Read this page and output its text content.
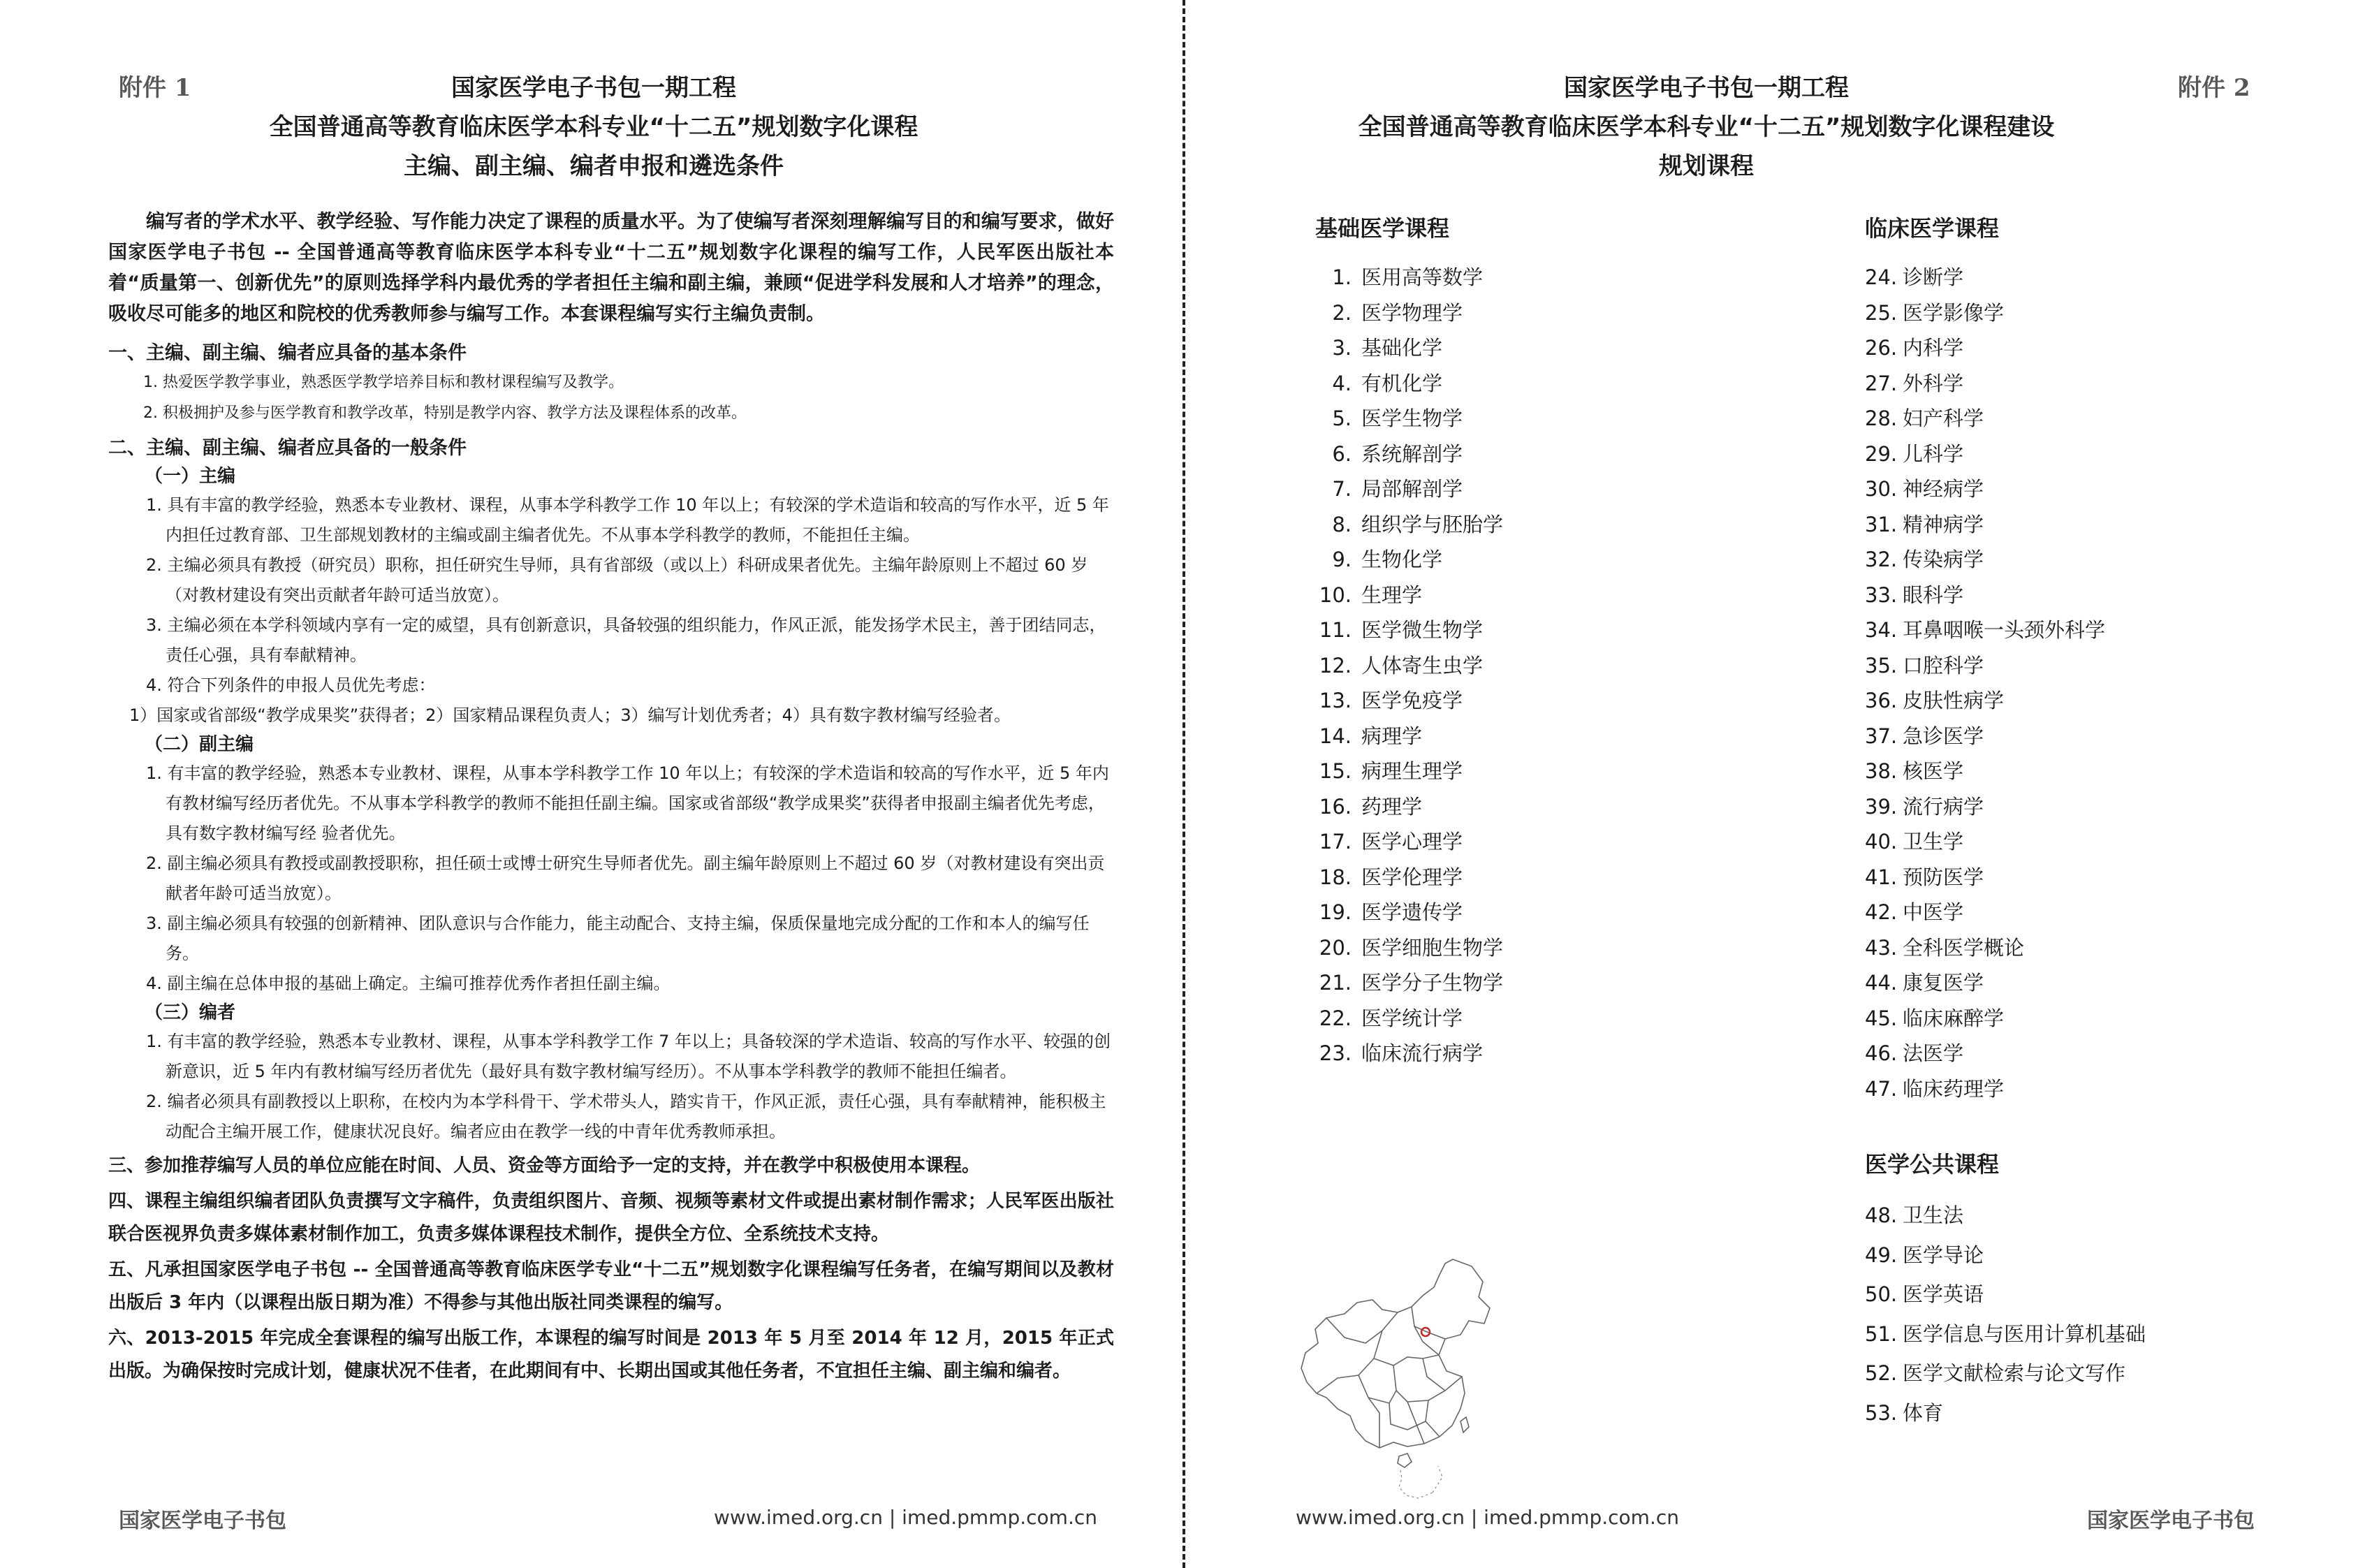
附件 1	国家医学电子书包一期工程
全国普通高等教育临床医学本科专业“十二五”规划数字化课程
主编、副主编、编者申报和遴选条件

编写者的学术水平、教学经验、写作能力决定了课程的质量水平。为了使编写者深刻理解编写目的和编写要求，做好国家医学电子书包 -- 全国普通高等教育临床医学本科专业“十二五”规划数字化课程的编写工作，人民军医出版社本着“质量第一、创新优先”的原则选择学科内最优秀的学者担任主编和副主编，兼顾“促进学科发展和人才培养”的理念，吸收尽可能多的地区和院校的优秀教师参与编写工作。本套课程编写实行主编负责制。

一、主编、副主编、编者应具备的基本条件
1. 热爱医学教学事业，熟悉医学教学培养目标和教材课程编写及教学。
2. 积极拥护及参与医学教育和教学改革，特别是教学内容、教学方法及课程体系的改革。
二、主编、副主编、编者应具备的一般条件
（一）主编
1. 具有丰富的教学经验，熟悉本专业教材、课程，从事本学科教学工作 10 年以上；有较深的学术造诣和较高的写作水平，近 5 年内担任过教育部、卫生部规划教材的主编或副主编者优先。不从事本学科教学的教师，不能担任主编。
2. 主编必须具有教授（研究员）职称，担任研究生导师，具有省部级（或以上）科研成果者优先。主编年龄原则上不超过 60 岁（对教材建设有突出贡献者年龄可适当放宽）。
3. 主编必须在本学科领域内享有一定的威望，具有创新意识，具备较强的组织能力，作风正派，能发扬学术民主，善于团结同志，责任心强，具有奉献精神。
4. 符合下列条件的申报人员优先考虑：
1）国家或省部级“教学成果奖”获得者；2）国家精品课程负责人；3）编写计划优秀者；4）具有数字教材编写经验者。
（二）副主编
1. 有丰富的教学经验，熟悉本专业教材、课程，从事本学科教学工作 10 年以上；有较深的学术造诣和较高的写作水平，近 5 年内有教材编写经历者优先。不从事本学科教学的教师不能担任副主编。国家或省部级“教学成果奖”获得者申报副主编者优先考虑，具有数字教材编写经 验者优先。
2. 副主编必须具有教授或副教授职称，担任硕士或博士研究生导师者优先。副主编年龄原则上不超过 60 岁（对教材建设有突出贡献者年龄可适当放宽）。
3. 副主编必须具有较强的创新精神、团队意识与合作能力，能主动配合、支持主编，保质保量地完成分配的工作和本人的编写任务。
4. 副主编在总体申报的基础上确定。主编可推荐优秀作者担任副主编。
（三）编者
1. 有丰富的教学经验，熟悉本专业教材、课程，从事本学科教学工作 7 年以上；具备较深的学术造诣、较高的写作水平、较强的创新意识，近 5 年内有教材编写经历者优先（最好具有数字教材编写经历）。不从事本学科教学的教师不能担任编者。
2. 编者必须具有副教授以上职称，在校内为本学科骨干、学术带头人，踏实肯干，作风正派，责任心强，具有奉献精神，能积极主动配合主编开展工作，健康状况良好。编者应由在教学一线的中青年优秀教师承担。

三、参加推荐编写人员的单位应能在时间、人员、资金等方面给予一定的支持，并在教学中积极使用本课程。

四、课程主编组织编者团队负责撰写文字稿件，负责组织图片、音频、视频等素材文件或提出素材制作需求；人民军医出版社联合医视界负责多媒体素材制作加工，负责多媒体课程技术制作，提供全方位、全系统技术支持。

五、凡承担国家医学电子书包 -- 全国普通高等教育临床医学专业“十二五”规划数字化课程编写任务者，在编写期间以及教材出版后 3 年内（以课程出版日期为准）不得参与其他出版社同类课程的编写。

六、2013-2015 年完成全套课程的编写出版工作，本课程的编写时间是 2013 年 5 月至 2014 年 12 月，2015 年正式出版。为确保按时完成计划，健康状况不佳者，在此期间有中、长期出国或其他任务者，不宜担任主编、副主编和编者。

国家医学电子书包	www.imed.org.cn | imed.pmmp.com.cn
附件 2
国家医学电子书包一期工程
全国普通高等教育临床医学本科专业“十二五”规划数字化课程建设
规划课程
基础医学课程
1. 医用高等数学
2. 医学物理学
3. 基础化学
4. 有机化学
5. 医学生物学
6. 系统解剖学
7. 局部解剖学
8. 组织学与胚胎学
9. 生物化学
10. 生理学
11. 医学微生物学
12. 人体寄生虫学
13. 医学免疫学
14. 病理学
15. 病理生理学
16. 药理学
17. 医学心理学
18. 医学伦理学
19. 医学遗传学
20. 医学细胞生物学
21. 医学分子生物学
22. 医学统计学
23. 临床流行病学
临床医学课程
24. 诊断学
25. 医学影像学
26. 内科学
27. 外科学
28. 妇产科学
29. 儿科学
30. 神经病学
31. 精神病学
32. 传染病学
33. 眼科学
34. 耳鼻咽喉一头颈外科学
35. 口腔科学
36. 皮肤性病学
37. 急诊医学
38. 核医学
39. 流行病学
40. 卫生学
41. 预防医学
42. 中医学
43. 全科医学概论
44. 康复医学
45. 临床麻醉学
46. 法医学
47. 临床药理学
医学公共课程
48. 卫生法
49. 医学导论
50. 医学英语
51. 医学信息与医用计算机基础
52. 医学文献检索与论文写作
53. 体育
www.imed.org.cn | imed.pmmp.com.cn	国家医学电子书包
